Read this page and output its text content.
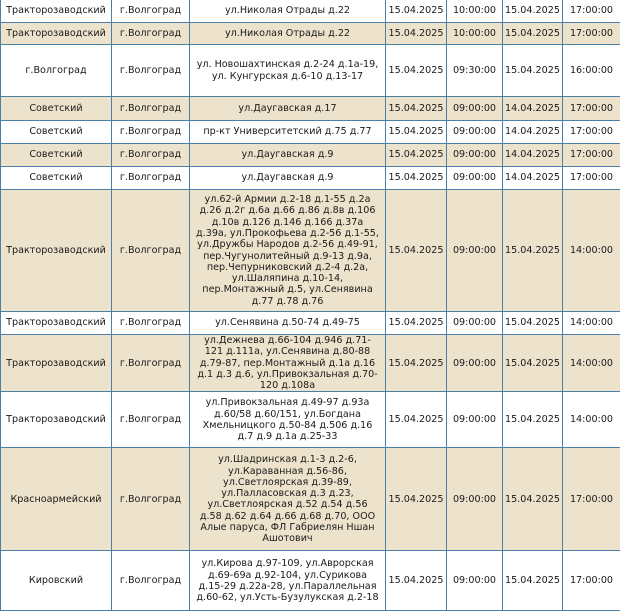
Тракторозаводский	г.Волгоград	ул.Николая Отрады д.22	15.04.2025	10:00:00	15.04.2025	17:00:00
Тракторозаводский	г.Волгоград	ул.Николая Отрады д.22	15.04.2025	10:00:00	15.04.2025	17:00:00
г.Волгоград	г.Волгоград	ул. Новошахтинская д.2-24 д.1а-19, ул. Кунгурская д.6-10 д.13-17	15.04.2025	09:30:00	15.04.2025	16:00:00
Советский	г.Волгоград	ул.Даугавская д.17	15.04.2025	09:00:00	14.04.2025	17:00:00
Советский	г.Волгоград	пр-кт Университетский д.75 д.77	15.04.2025	09:00:00	14.04.2025	17:00:00
Советский	г.Волгоград	ул.Даугавская д.9	15.04.2025	09:00:00	14.04.2025	17:00:00
Советский	г.Волгоград	ул.Даугавская д.9	15.04.2025	09:00:00	14.04.2025	17:00:00
Тракторозаводский	г.Волгоград	ул.62-й Армии д.2-18 д.1-55 д.2а д.26 д.2г д.6а д.66 д.86 д.8в д.106 д.10в д.126 д.146 д.166 д.37а д.39а, ул.Прокофьева д.2-56 д.1-55, ул.Дружбы Народов д.2-56 д.49-91, пер.Чугунолитейный д.9-13 д.9а, пер.Чепурниковский д.2-4 д.2а, ул.Шаляпина д.10-14, пер.Монтажный д.5, ул.Сенявина д.77 д.78 д.76	15.04.2025	09:00:00	15.04.2025	14:00:00
Тракторозаводский	г.Волгоград	ул.Сенявина д.50-74 д.49-75	15.04.2025	09:00:00	15.04.2025	14:00:00
Тракторозаводский	г.Волгоград	ул.Дежнева д.66-104 д.946 д.71-121 д.111а, ул.Сенявина д.80-88 д.79-87, пер.Монтажный д.1а д.16 д.1 д.3 д.6, ул.Привокзальная д.70-120 д.108а	15.04.2025	09:00:00	15.04.2025	14:00:00
Тракторозаводский	г.Волгоград	ул.Привокзальная д.49-97 д.93а д.60/58 д.60/151, ул.Богдана Хмельницкого д.50-84 д.506 д.16 д.7 д.9 д.1а д.25-33	15.04.2025	09:00:00	15.04.2025	14:00:00
Красноармейский	г.Волгоград	ул.Шадринская д.1-3 д.2-6, ул.Караванная д.56-86, ул.Светлоярская д.39-89, ул.Палласовская д.3 д.23, ул.Светлоярская д.52 д.54 д.56 д.58 д.62 д.64 д.66 д.68 д.70, ООО Алые паруса, ФЛ Габриелян Ншан Ашотович	15.04.2025	09:00:00	15.04.2025	17:00:00
Кировский	г.Волгоград	ул.Кирова д.97-109, ул.Аврорская д.69-69а д.92-104, ул.Сурикова д.15-29 д.22а-28, ул.Параллельная д.60-62, ул.Усть-Бузулукская д.2-18	15.04.2025	09:00:00	15.04.2025	17:00:00
